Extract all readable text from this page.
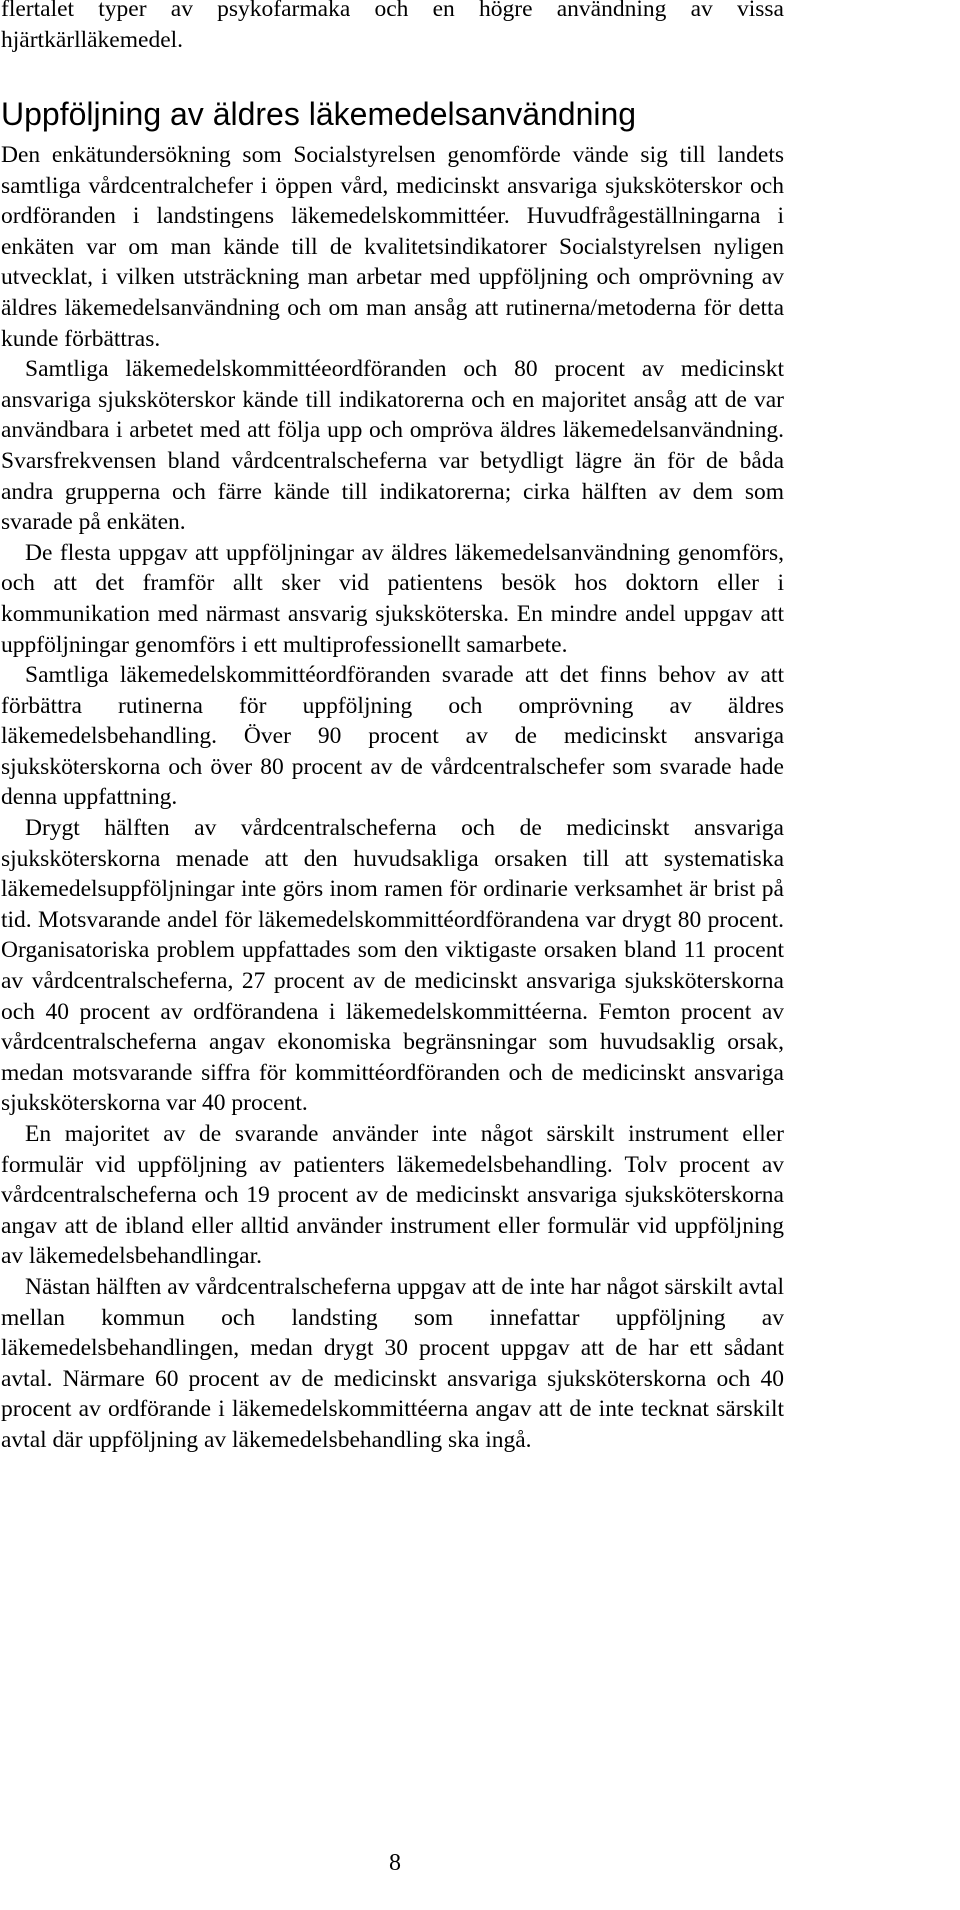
flertalet typer av psykofarmaka och en högre användning av vissa hjärtkärlläkemedel.

Uppföljning av äldres läkemedelsanvändning

Den enkätundersökning som Socialstyrelsen genomförde vände sig till landets samtliga vårdcentralchefer i öppen vård, medicinskt ansvariga sjuksköterskor och ordföranden i landstingens läkemedelskommittéer. Huvudfrågeställningarna i enkäten var om man kände till de kvalitetsindikatorer Socialstyrelsen nyligen utvecklat, i vilken utsträckning man arbetar med uppföljning och omprövning av äldres läkemedelsanvändning och om man ansåg att rutinerna/metoderna för detta kunde förbättras.

Samtliga läkemedelskommittéeordföranden och 80 procent av medicinskt ansvariga sjuksköterskor kände till indikatorerna och en majoritet ansåg att de var användbara i arbetet med att följa upp och ompröva äldres läkemedelsanvändning. Svarsfrekvensen bland vårdcentralscheferna var betydligt lägre än för de båda andra grupperna och färre kände till indikatorerna; cirka hälften av dem som svarade på enkäten.

De flesta uppgav att uppföljningar av äldres läkemedelsanvändning genomförs, och att det framför allt sker vid patientens besök hos doktorn eller i kommunikation med närmast ansvarig sjuksköterska. En mindre andel uppgav att uppföljningar genomförs i ett multiprofessionellt samarbete.

Samtliga läkemedelskommittéordföranden svarade att det finns behov av att förbättra rutinerna för uppföljning och omprövning av äldres läkemedelsbehandling. Över 90 procent av de medicinskt ansvariga sjuksköterskorna och över 80 procent av de vårdcentralschefer som svarade hade denna uppfattning.

Drygt hälften av vårdcentralscheferna och de medicinskt ansvariga sjuksköterskorna menade att den huvudsakliga orsaken till att systematiska läkemedelsuppföljningar inte görs inom ramen för ordinarie verksamhet är brist på tid. Motsvarande andel för läkemedelskommittéordförandena var drygt 80 procent. Organisatoriska problem uppfattades som den viktigaste orsaken bland 11 procent av vårdcentralscheferna, 27 procent av de medicinskt ansvariga sjuksköterskorna och 40 procent av ordförandena i läkemedelskommittéerna. Femton procent av vårdcentralscheferna angav ekonomiska begränsningar som huvudsaklig orsak, medan motsvarande siffra för kommittéordföranden och de medicinskt ansvariga sjuksköterskorna var 40 procent.

En majoritet av de svarande använder inte något särskilt instrument eller formulär vid uppföljning av patienters läkemedelsbehandling. Tolv procent av vårdcentralscheferna och 19 procent av de medicinskt ansvariga sjuksköterskorna angav att de ibland eller alltid använder instrument eller formulär vid uppföljning av läkemedelsbehandlingar.

Nästan hälften av vårdcentralscheferna uppgav att de inte har något särskilt avtal mellan kommun och landsting som innefattar uppföljning av läkemedelsbehandlingen, medan drygt 30 procent uppgav att de har ett sådant avtal. Närmare 60 procent av de medicinskt ansvariga sjuksköterskorna och 40 procent av ordförande i läkemedelskommittéerna angav att de inte tecknat särskilt avtal där uppföljning av läkemedelsbehandling ska ingå.

8
